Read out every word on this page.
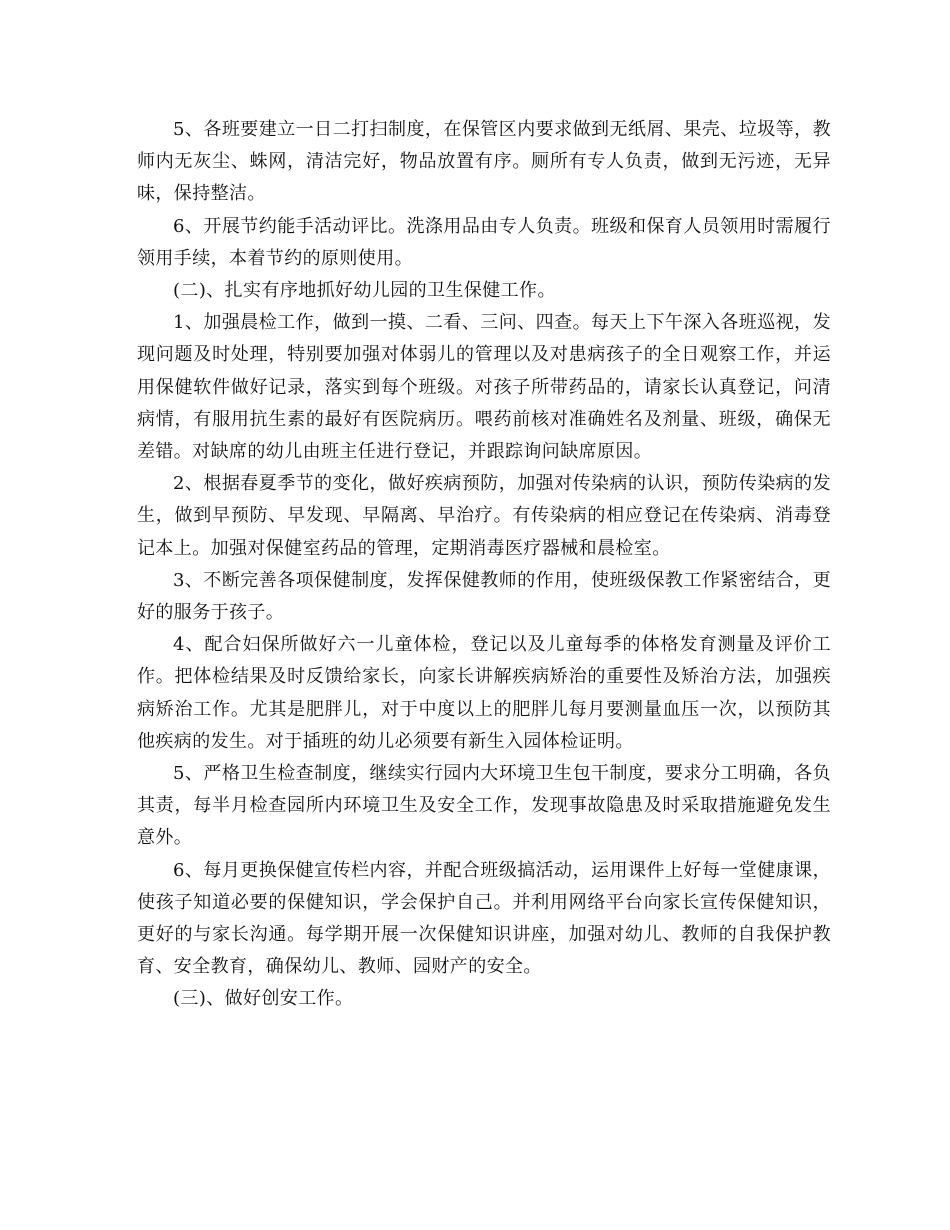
5、各班要建立一日二打扫制度，在保管区内要求做到无纸屑、果壳、垃圾等，教师内无灰尘、蛛网，清洁完好，物品放置有序。厕所有专人负责，做到无污迹，无异味，保持整洁。

6、开展节约能手活动评比。洗涤用品由专人负责。班级和保育人员领用时需履行领用手续，本着节约的原则使用。

(二)、扎实有序地抓好幼儿园的卫生保健工作。

1、加强晨检工作，做到一摸、二看、三问、四查。每天上下午深入各班巡视，发现问题及时处理，特别要加强对体弱儿的管理以及对患病孩子的全日观察工作，并运用保健软件做好记录，落实到每个班级。对孩子所带药品的，请家长认真登记，问清病情，有服用抗生素的最好有医院病历。喂药前核对准确姓名及剂量、班级，确保无差错。对缺席的幼儿由班主任进行登记，并跟踪询问缺席原因。

2、根据春夏季节的变化，做好疾病预防，加强对传染病的认识，预防传染病的发生，做到早预防、早发现、早隔离、早治疗。有传染病的相应登记在传染病、消毒登记本上。加强对保健室药品的管理，定期消毒医疗器械和晨检室。

3、不断完善各项保健制度，发挥保健教师的作用，使班级保教工作紧密结合，更好的服务于孩子。

4、配合妇保所做好六一儿童体检，登记以及儿童每季的体格发育测量及评价工作。把体检结果及时反馈给家长，向家长讲解疾病矫治的重要性及矫治方法，加强疾病矫治工作。尤其是肥胖儿，对于中度以上的肥胖儿每月要测量血压一次，以预防其他疾病的发生。对于插班的幼儿必须要有新生入园体检证明。

5、严格卫生检查制度，继续实行园内大环境卫生包干制度，要求分工明确，各负其责，每半月检查园所内环境卫生及安全工作，发现事故隐患及时采取措施避免发生意外。

6、每月更换保健宣传栏内容，并配合班级搞活动，运用课件上好每一堂健康课，使孩子知道必要的保健知识，学会保护自己。并利用网络平台向家长宣传保健知识，更好的与家长沟通。每学期开展一次保健知识讲座，加强对幼儿、教师的自我保护教育、安全教育，确保幼儿、教师、园财产的安全。

(三)、做好创安工作。
